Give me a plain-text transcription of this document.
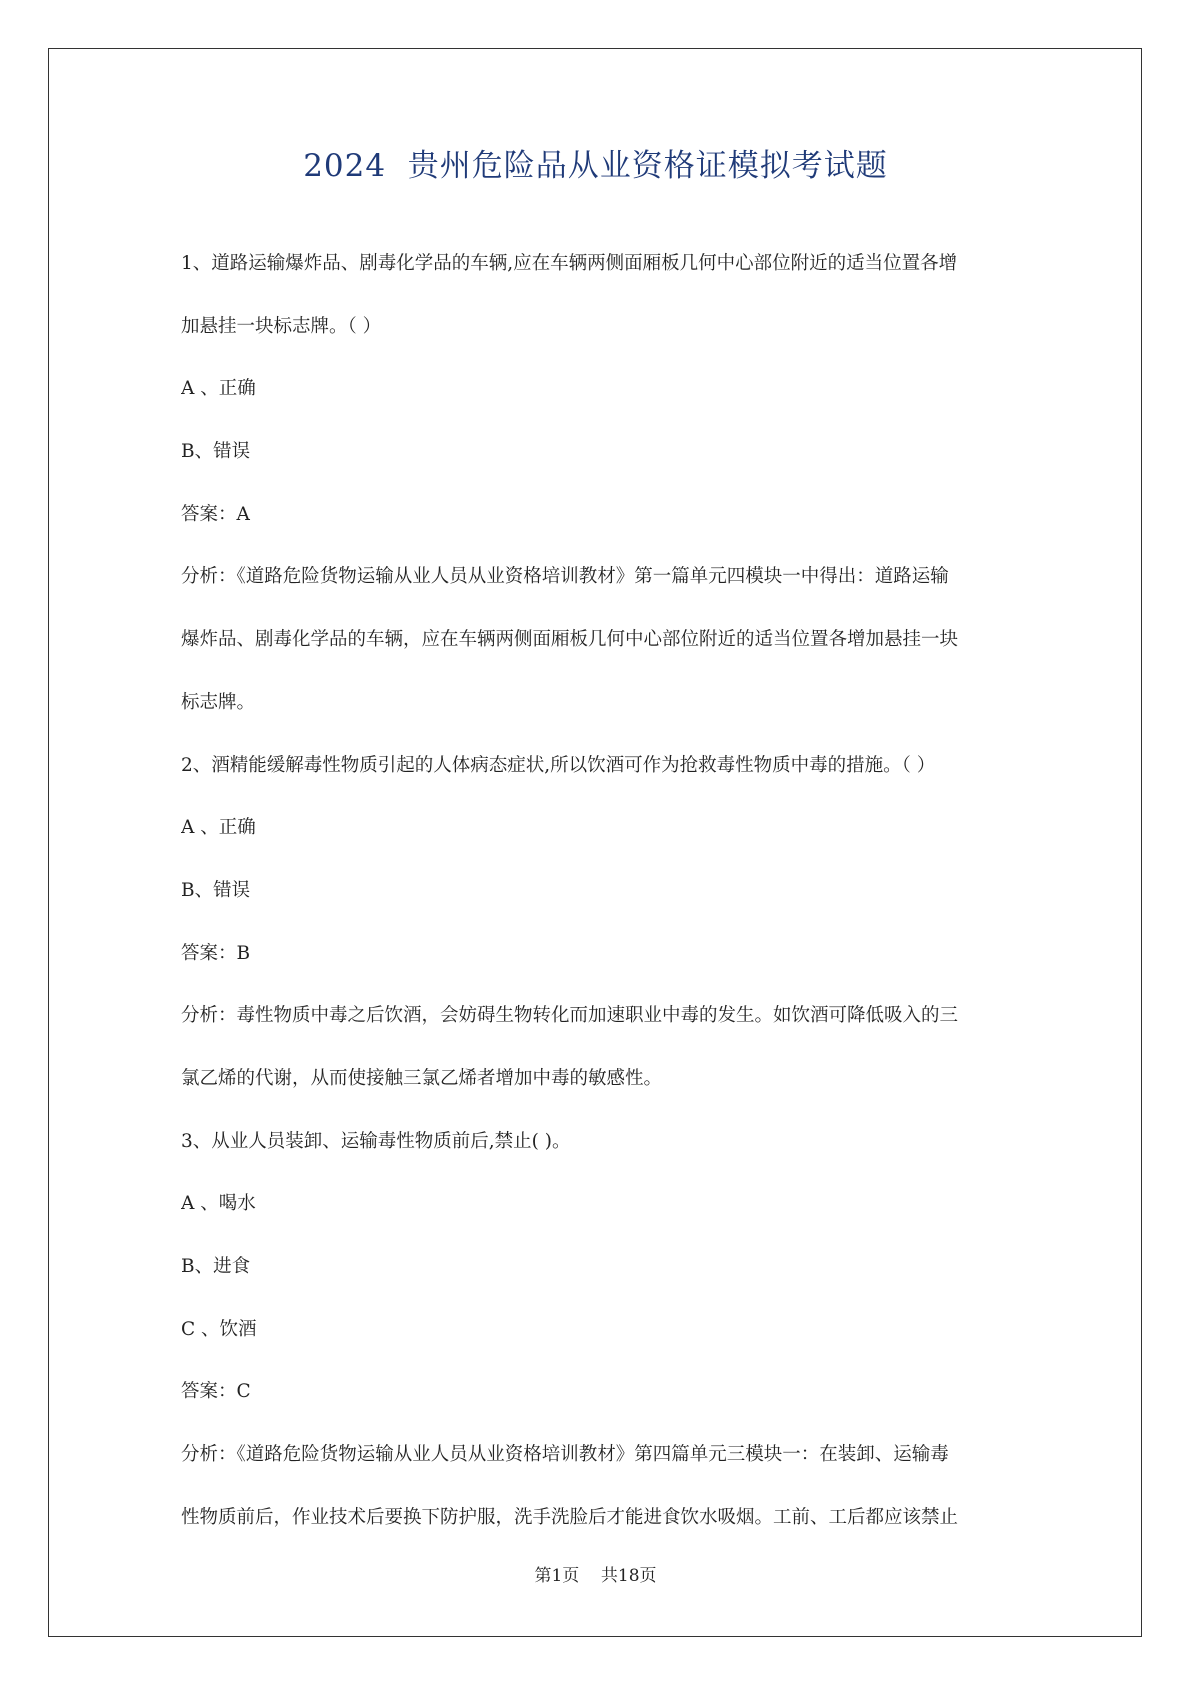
2024  贵州危险品从业资格证模拟考试题

1、道路运输爆炸品、剧毒化学品的车辆,应在车辆两侧面厢板几何中心部位附近的适当位置各增

加悬挂一块标志牌。（ ）

A 、正确

B、错误

答案：A

分析：《道路危险货物运输从业人员从业资格培训教材》第一篇单元四模块一中得出：道路运输

爆炸品、剧毒化学品的车辆，应在车辆两侧面厢板几何中心部位附近的适当位置各增加悬挂一块

标志牌。

2、酒精能缓解毒性物质引起的人体病态症状,所以饮酒可作为抢救毒性物质中毒的措施。（ ）

A 、正确

B、错误

答案：B

分析：毒性物质中毒之后饮酒，会妨碍生物转化而加速职业中毒的发生。如饮酒可降低吸入的三

氯乙烯的代谢，从而使接触三氯乙烯者增加中毒的敏感性。

3、从业人员装卸、运输毒性物质前后,禁止( )。

A 、喝水

B、进食

C 、饮酒

答案：C

分析：《道路危险货物运输从业人员从业资格培训教材》第四篇单元三模块一：在装卸、运输毒

性物质前后，作业技术后要换下防护服，洗手洗脸后才能进食饮水吸烟。工前、工后都应该禁止

第1页    共18页
